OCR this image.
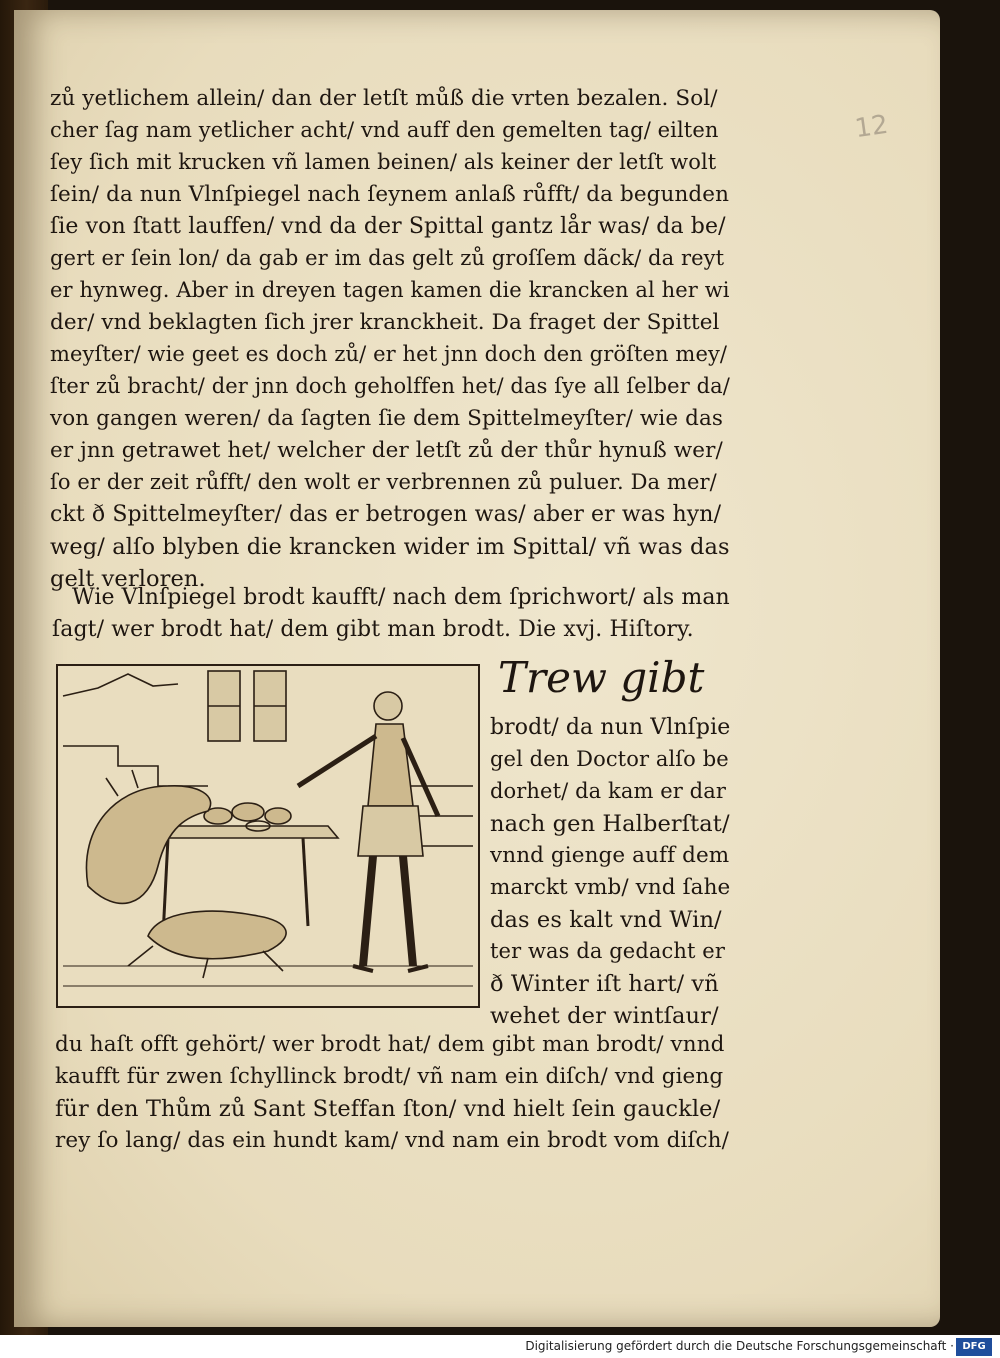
12

zů yetlichem allein/ dan der letſt můß die vrten bezalen. Sol/

cher ſag nam yetlicher acht/ vnd auff den gemelten tag/ eilten

ſey ſich mit krucken vñ lamen beinen/ als keiner der letſt wolt

ſein/ da nun Vlnſpiegel nach ſeynem anlaß růfft/ da begunden

ſie von ſtatt lauffen/ vnd da der Spittal gantz lår was/ da be/

gert er ſein lon/ da gab er im das gelt zů groſſem dãck/ da reyt

er hynweg. Aber in dreyen tagen kamen die krancken al her wi

der/ vnd beklagten ſich jrer kranckheit. Da fraget der Spittel

meyſter/ wie geet es doch zů/ er het jnn doch den gröſten mey/

ſter zů bracht/ der jnn doch geholffen het/ das ſye all ſelber da/

von gangen weren/ da ſagten ſie dem Spittelmeyſter/ wie das

er jnn getrawet het/ welcher der letſt zů der thůr hynuß wer/

ſo er der zeit růfft/ den wolt er verbrennen zů puluer. Da mer/

ckt ð Spittelmeyſter/ das er betrogen was/ aber er was hyn/

weg/ alſo blyben die krancken wider im Spittal/ vñ was das

gelt verloren.

Wie Vlnſpiegel brodt kaufft/ nach dem ſprichwort/ als man

ſagt/ wer brodt hat/ dem gibt man brodt. Die xvj. Hiſtory.

Trew gibt

brodt/ da nun Vlnſpie

gel den Doctor alſo be

dorhet/ da kam er dar

nach gen Halberſtat/

vnnd gienge auff dem

marckt vmb/ vnd ſahe

das es kalt vnd Win/

ter was da gedacht er

ð Winter iſt hart/ vñ

wehet der wintſaur/

du haſt offt gehört/ wer brodt hat/ dem gibt man brodt/ vnnd

kaufft für zwen ſchyllinck brodt/ vñ nam ein diſch/ vnd gieng

für den Thům zů Sant Steffan ſton/ vnd hielt ſein gauckle/

rey ſo lang/ das ein hundt kam/ vnd nam ein brodt vom diſch/

Digitalisierung gefördert durch die Deutsche Forschungsgemeinschaft · DFG
